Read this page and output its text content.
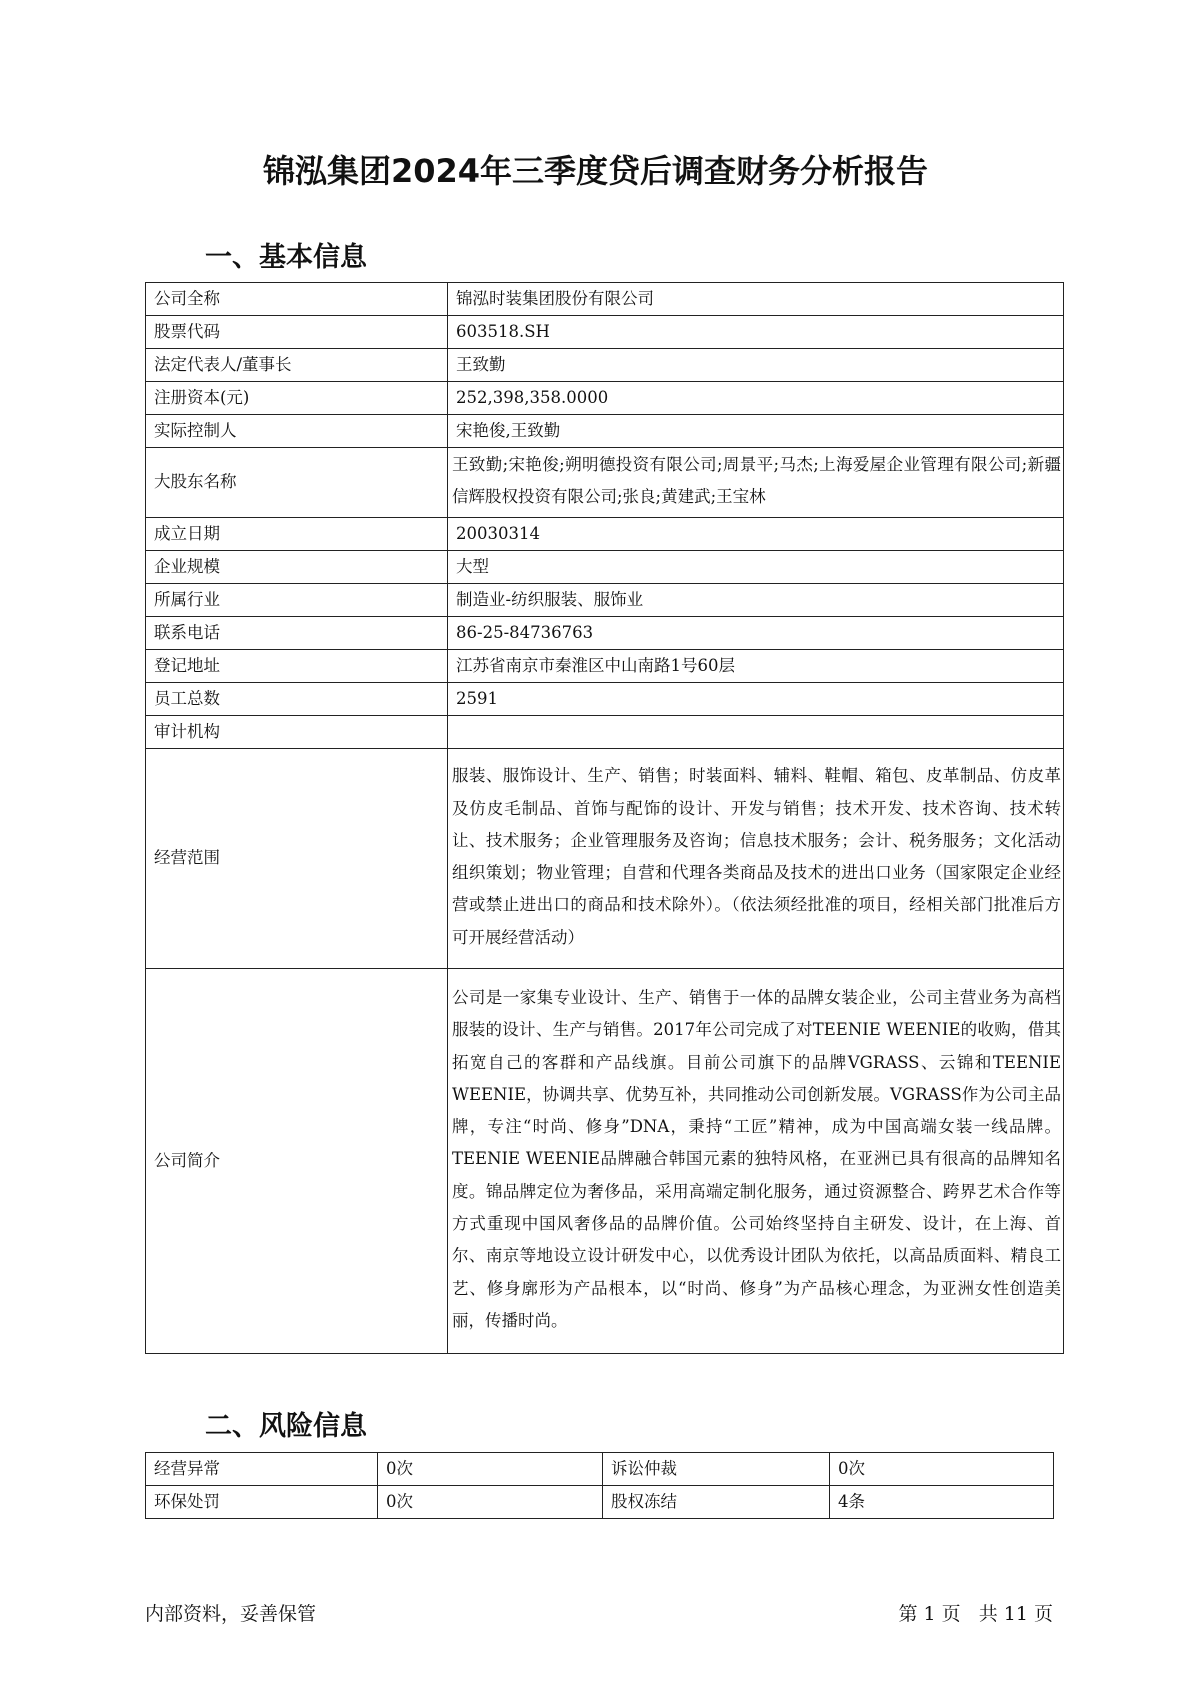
锦泓集团2024年三季度贷后调查财务分析报告
一、基本信息
公司全称	锦泓时装集团股份有限公司
股票代码	603518.SH
法定代表人/董事长	王致勤
注册资本(元)	252,398,358.0000
实际控制人	宋艳俊,王致勤
大股东名称	王致勤;宋艳俊;朔明德投资有限公司;周景平;马杰;上海爱屋企业管理有限公司;新疆信辉股权投资有限公司;张良;黄建武;王宝林
成立日期	20030314
企业规模	大型
所属行业	制造业-纺织服装、服饰业
联系电话	86-25-84736763
登记地址	江苏省南京市秦淮区中山南路1号60层
员工总数	2591
审计机构	
经营范围	服装、服饰设计、生产、销售；时装面料、辅料、鞋帽、箱包、皮革制品、仿皮革及仿皮毛制品、首饰与配饰的设计、开发与销售；技术开发、技术咨询、技术转让、技术服务；企业管理服务及咨询；信息技术服务；会计、税务服务；文化活动组织策划；物业管理；自营和代理各类商品及技术的进出口业务（国家限定企业经营或禁止进出口的商品和技术除外）。（依法须经批准的项目，经相关部门批准后方可开展经营活动）
公司简介	公司是一家集专业设计、生产、销售于一体的品牌女装企业，公司主营业务为高档服装的设计、生产与销售。2017年公司完成了对TEENIE WEENIE的收购，借其拓宽自己的客群和产品线旗。目前公司旗下的品牌VGRASS、云锦和TEENIE WEENIE，协调共享、优势互补，共同推动公司创新发展。VGRASS作为公司主品牌，专注“时尚、修身”DNA，秉持“工匠”精神，成为中国高端女装一线品牌。TEENIE WEENIE品牌融合韩国元素的独特风格，在亚洲已具有很高的品牌知名度。锦品牌定位为奢侈品，采用高端定制化服务，通过资源整合、跨界艺术合作等方式重现中国风奢侈品的品牌价值。公司始终坚持自主研发、设计，在上海、首尔、南京等地设立设计研发中心，以优秀设计团队为依托，以高品质面料、精良工艺、修身廓形为产品根本，以“时尚、修身”为产品核心理念，为亚洲女性创造美丽，传播时尚。
二、风险信息
经营异常	0次	诉讼仲裁	0次
环保处罚	0次	股权冻结	4条
内部资料，妥善保管	第 1 页   共 11 页
